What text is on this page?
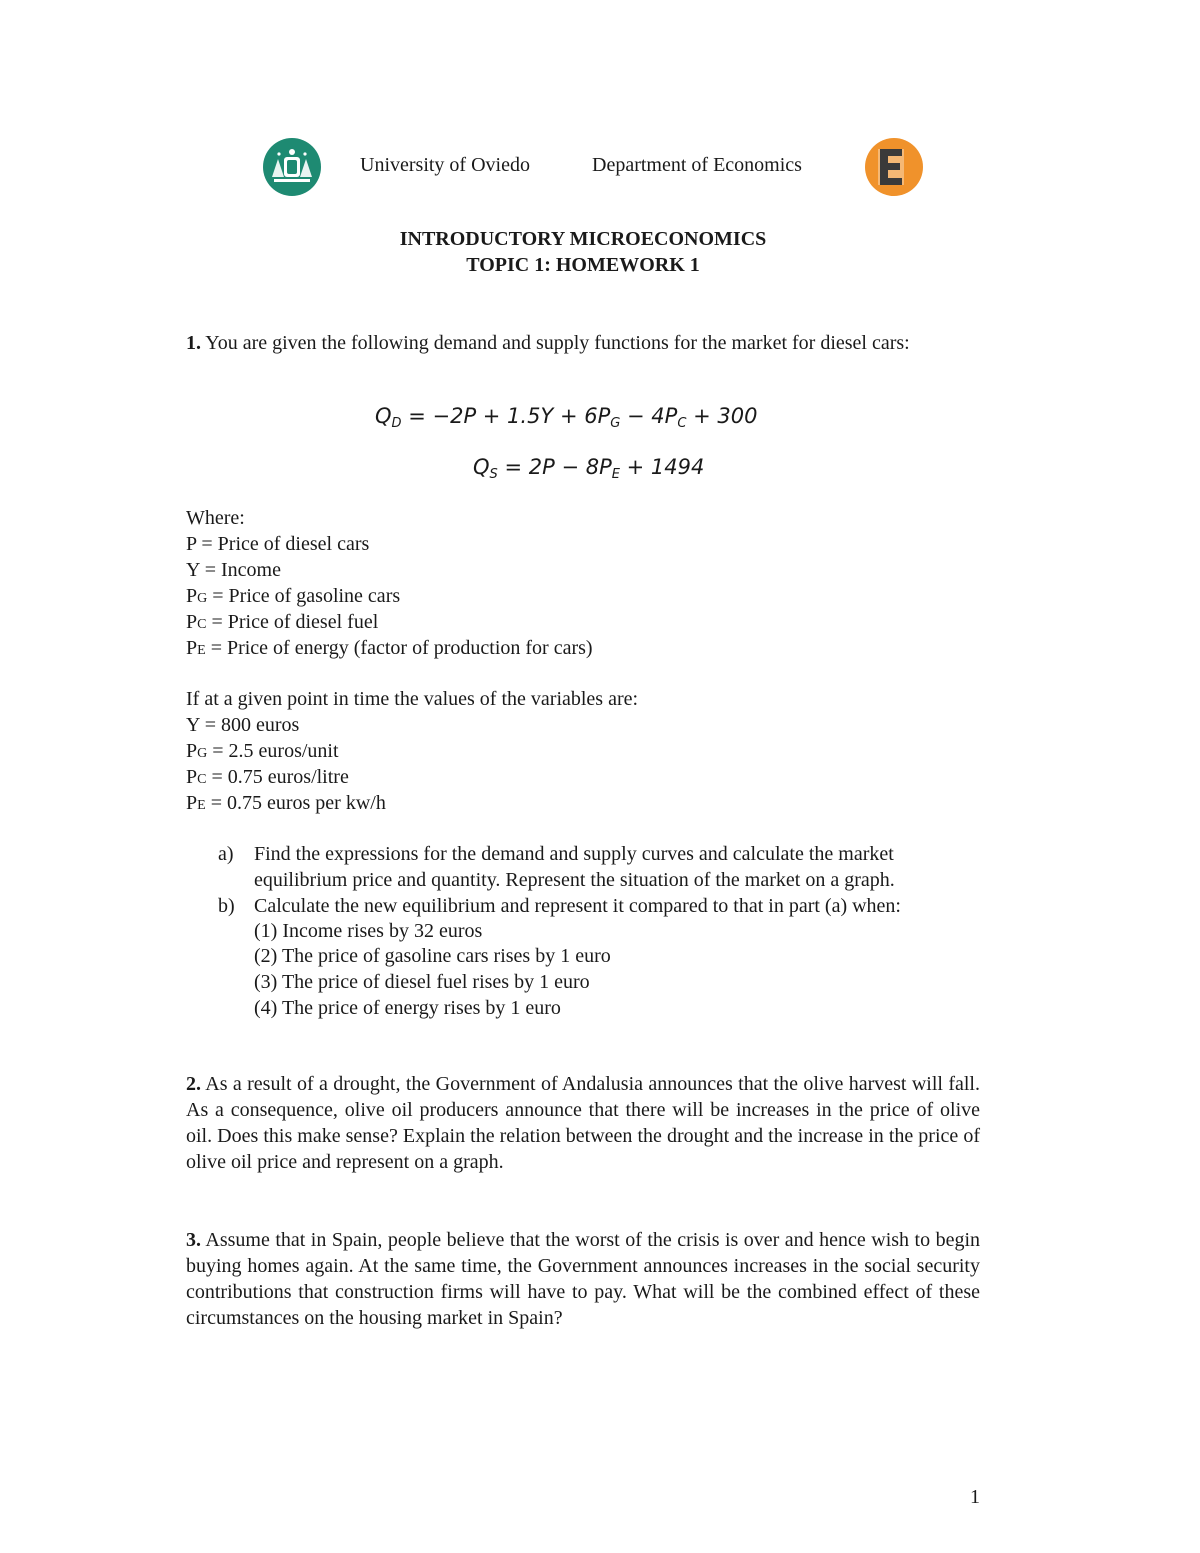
University of Oviedo	Department of Economics
INTRODUCTORY MICROECONOMICS
TOPIC 1: HOMEWORK 1
1. You are given the following demand and supply functions for the market for diesel cars:
$Q_D = -2P + 1.5Y + 6P_G - 4P_C + 300$
$Q_S = 2P - 8P_E + 1494$
Where:
P = Price of diesel cars
Y = Income
PG = Price of gasoline cars
PC = Price of diesel fuel
PE = Price of energy (factor of production for cars)
If at a given point in time the values of the variables are:
Y = 800 euros
PG = 2.5 euros/unit
PC = 0.75 euros/litre
PE = 0.75 euros per kw/h
a) Find the expressions for the demand and supply curves and calculate the market equilibrium price and quantity. Represent the situation of the market on a graph.
b) Calculate the new equilibrium and represent it compared to that in part (a) when:
(1) Income rises by 32 euros
(2) The price of gasoline cars rises by 1 euro
(3) The price of diesel fuel rises by 1 euro
(4) The price of energy rises by 1 euro
2. As a result of a drought, the Government of Andalusia announces that the olive harvest will fall. As a consequence, olive oil producers announce that there will be increases in the price of olive oil. Does this make sense? Explain the relation between the drought and the increase in the price of olive oil price and represent on a graph.
3. Assume that in Spain, people believe that the worst of the crisis is over and hence wish to begin buying homes again. At the same time, the Government announces increases in the social security contributions that construction firms will have to pay. What will be the combined effect of these circumstances on the housing market in Spain?
1
